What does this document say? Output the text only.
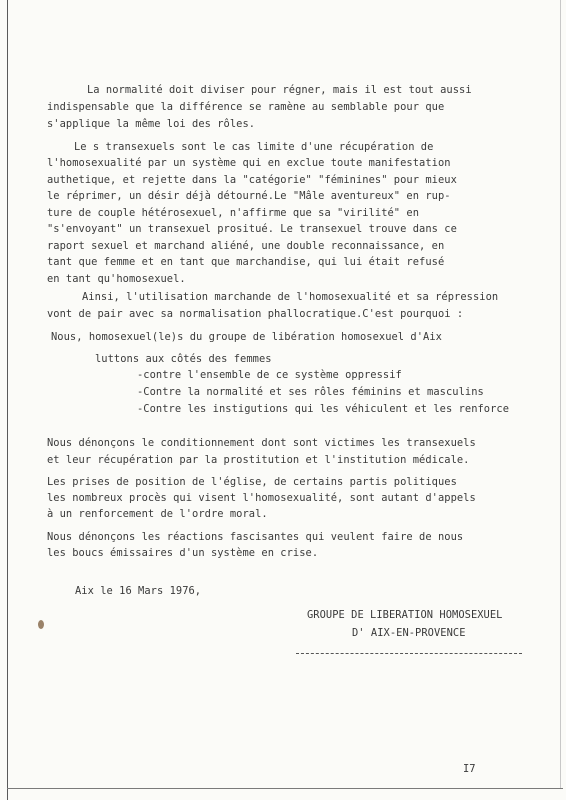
La normalité doit diviser pour régner, mais il est tout aussi
indispensable que la différence se ramène au semblable pour que
s'applique la même loi des rôles.
Le s transexuels sont le cas limite d'une récupération de
l'homosexualité par un système qui en exclue toute manifestation
authetique, et rejette dans la "catégorie" "féminines" pour mieux
le réprimer, un désir déjà détourné.Le "Mâle aventureux" en rup-
ture de couple hétérosexuel, n'affirme que sa "virilité" en
"s'envoyant" un transexuel prositué. Le transexuel trouve dans ce
raport sexuel et marchand aliéné, une double reconnaissance, en
tant que femme et en tant que marchandise, qui lui était refusé
en tant qu'homosexuel.
Ainsi, l'utilisation marchande de l'homosexualité et sa répression
vont de pair avec sa normalisation phallocratique.C'est pourquoi :
Nous, homosexuel(le)s du groupe de libération homosexuel d'Aix
luttons aux côtés des femmes
-contre l'ensemble de ce système oppressif
-Contre la normalité et ses rôles féminins et masculins
-Contre les instigutions qui les véhiculent et les renforce
Nous dénonçons le conditionnement dont sont victimes les transexuels
et leur récupération par la prostitution et l'institution médicale.
Les prises de position de l'église, de certains partis politiques
les nombreux procès qui visent l'homosexualité, sont autant d'appels
à un renforcement de l'ordre moral.
Nous dénonçons les réactions fascisantes qui veulent faire de nous
les boucs émissaires d'un système en crise.
Aix le 16 Mars 1976,
GROUPE DE LIBERATION HOMOSEXUEL
D' AIX-EN-PROVENCE
I7
